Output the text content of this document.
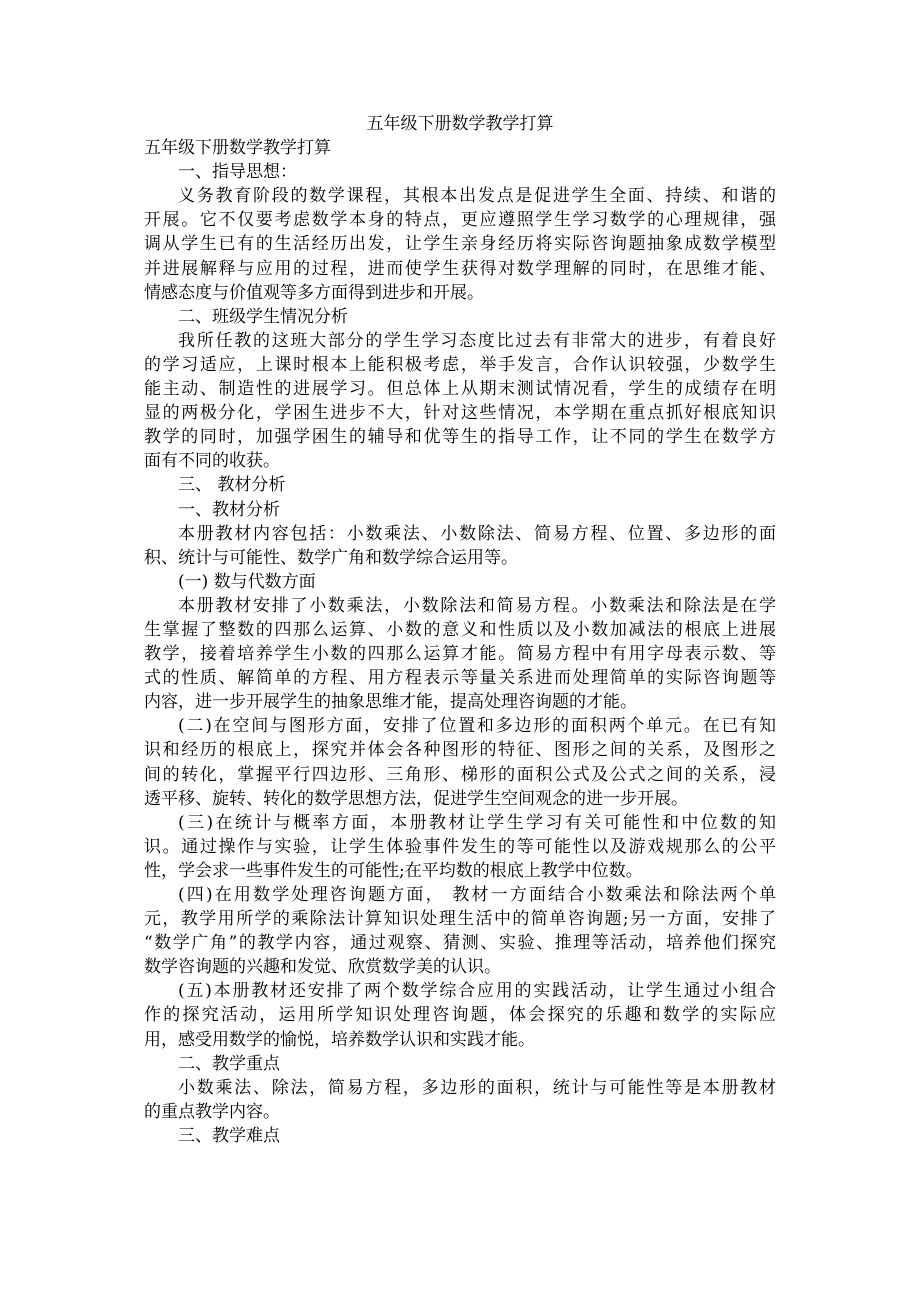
五年级下册数学教学打算

五年级下册数学教学打算

一、指导思想：

义务教育阶段的数学课程，其根本出发点是促进学生全面、持续、和谐的

开展。它不仅要考虑数学本身的特点，更应遵照学生学习数学的心理规律，强

调从学生已有的生活经历出发，让学生亲身经历将实际咨询题抽象成数学模型

并进展解释与应用的过程，进而使学生获得对数学理解的同时，在思维才能、

情感态度与价值观等多方面得到进步和开展。

二、班级学生情况分析

我所任教的这班大部分的学生学习态度比过去有非常大的进步，有着良好

的学习适应，上课时根本上能积极考虑，举手发言，合作认识较强，少数学生

能主动、制造性的进展学习。但总体上从期末测试情况看，学生的成绩存在明

显的两极分化，学困生进步不大，针对这些情况，本学期在重点抓好根底知识

教学的同时，加强学困生的辅导和优等生的指导工作，让不同的学生在数学方

面有不同的收获。

三、 教材分析

一、教材分析

本册教材内容包括：小数乘法、小数除法、简易方程、位置、多边形的面

积、统计与可能性、数学广角和数学综合运用等。

(一) 数与代数方面

本册教材安排了小数乘法，小数除法和简易方程。小数乘法和除法是在学

生掌握了整数的四那么运算、小数的意义和性质以及小数加减法的根底上进展

教学，接着培养学生小数的四那么运算才能。简易方程中有用字母表示数、等

式的性质、解简单的方程、用方程表示等量关系进而处理简单的实际咨询题等

内容，进一步开展学生的抽象思维才能，提高处理咨询题的才能。

(二)在空间与图形方面，安排了位置和多边形的面积两个单元。在已有知

识和经历的根底上，探究并体会各种图形的特征、图形之间的关系，及图形之

间的转化，掌握平行四边形、三角形、梯形的面积公式及公式之间的关系，浸

透平移、旋转、转化的数学思想方法，促进学生空间观念的进一步开展。

(三)在统计与概率方面，本册教材让学生学习有关可能性和中位数的知

识。通过操作与实验，让学生体验事件发生的等可能性以及游戏规那么的公平

性，学会求一些事件发生的可能性;在平均数的根底上教学中位数。

(四)在用数学处理咨询题方面， 教材一方面结合小数乘法和除法两个单

元，教学用所学的乘除法计算知识处理生活中的简单咨询题;另一方面，安排了

“数学广角”的教学内容，通过观察、猜测、实验、推理等活动，培养他们探究

数学咨询题的兴趣和发觉、欣赏数学美的认识。

(五)本册教材还安排了两个数学综合应用的实践活动，让学生通过小组合

作的探究活动，运用所学知识处理咨询题，体会探究的乐趣和数学的实际应

用，感受用数学的愉悦，培养数学认识和实践才能。

二、教学重点

小数乘法、除法，简易方程，多边形的面积，统计与可能性等是本册教材

的重点教学内容。

三、教学难点
